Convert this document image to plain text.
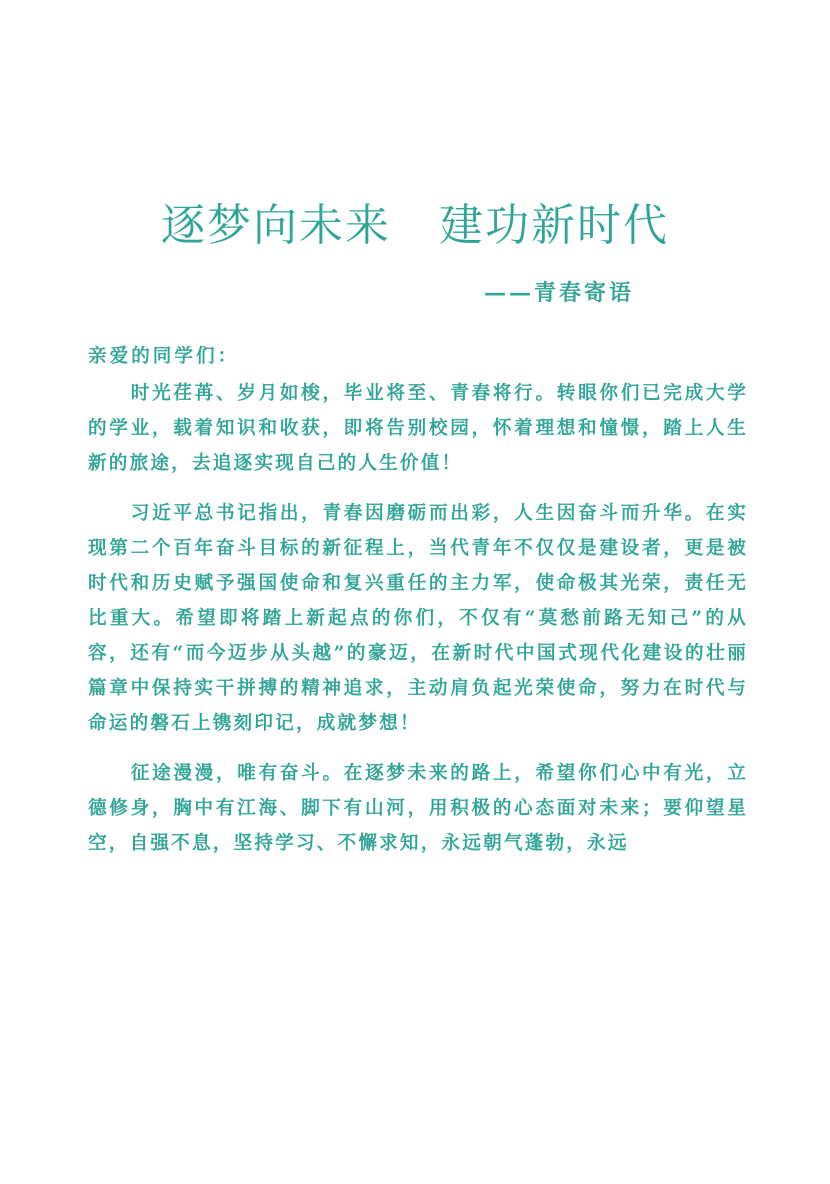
逐梦向未来   建功新时代
——青春寄语

亲爱的同学们：

时光荏苒、岁月如梭，毕业将至、青春将行。转眼你们已完成大学的学业，载着知识和收获，即将告别校园，怀着理想和憧憬，踏上人生新的旅途，去追逐实现自己的人生价值！

习近平总书记指出，青春因磨砺而出彩，人生因奋斗而升华。在实现第二个百年奋斗目标的新征程上，当代青年不仅仅是建设者，更是被时代和历史赋予强国使命和复兴重任的主力军，使命极其光荣，责任无比重大。希望即将踏上新起点的你们，不仅有“莫愁前路无知己”的从容，还有“而今迈步从头越”的豪迈，在新时代中国式现代化建设的壮丽篇章中保持实干拼搏的精神追求，主动肩负起光荣使命，努力在时代与命运的磐石上镌刻印记，成就梦想！

征途漫漫，唯有奋斗。在逐梦未来的路上，希望你们心中有光，立德修身，胸中有江海、脚下有山河，用积极的心态面对未来；要仰望星空，自强不息，坚持学习、不懈求知，永远朝气蓬勃，永远
